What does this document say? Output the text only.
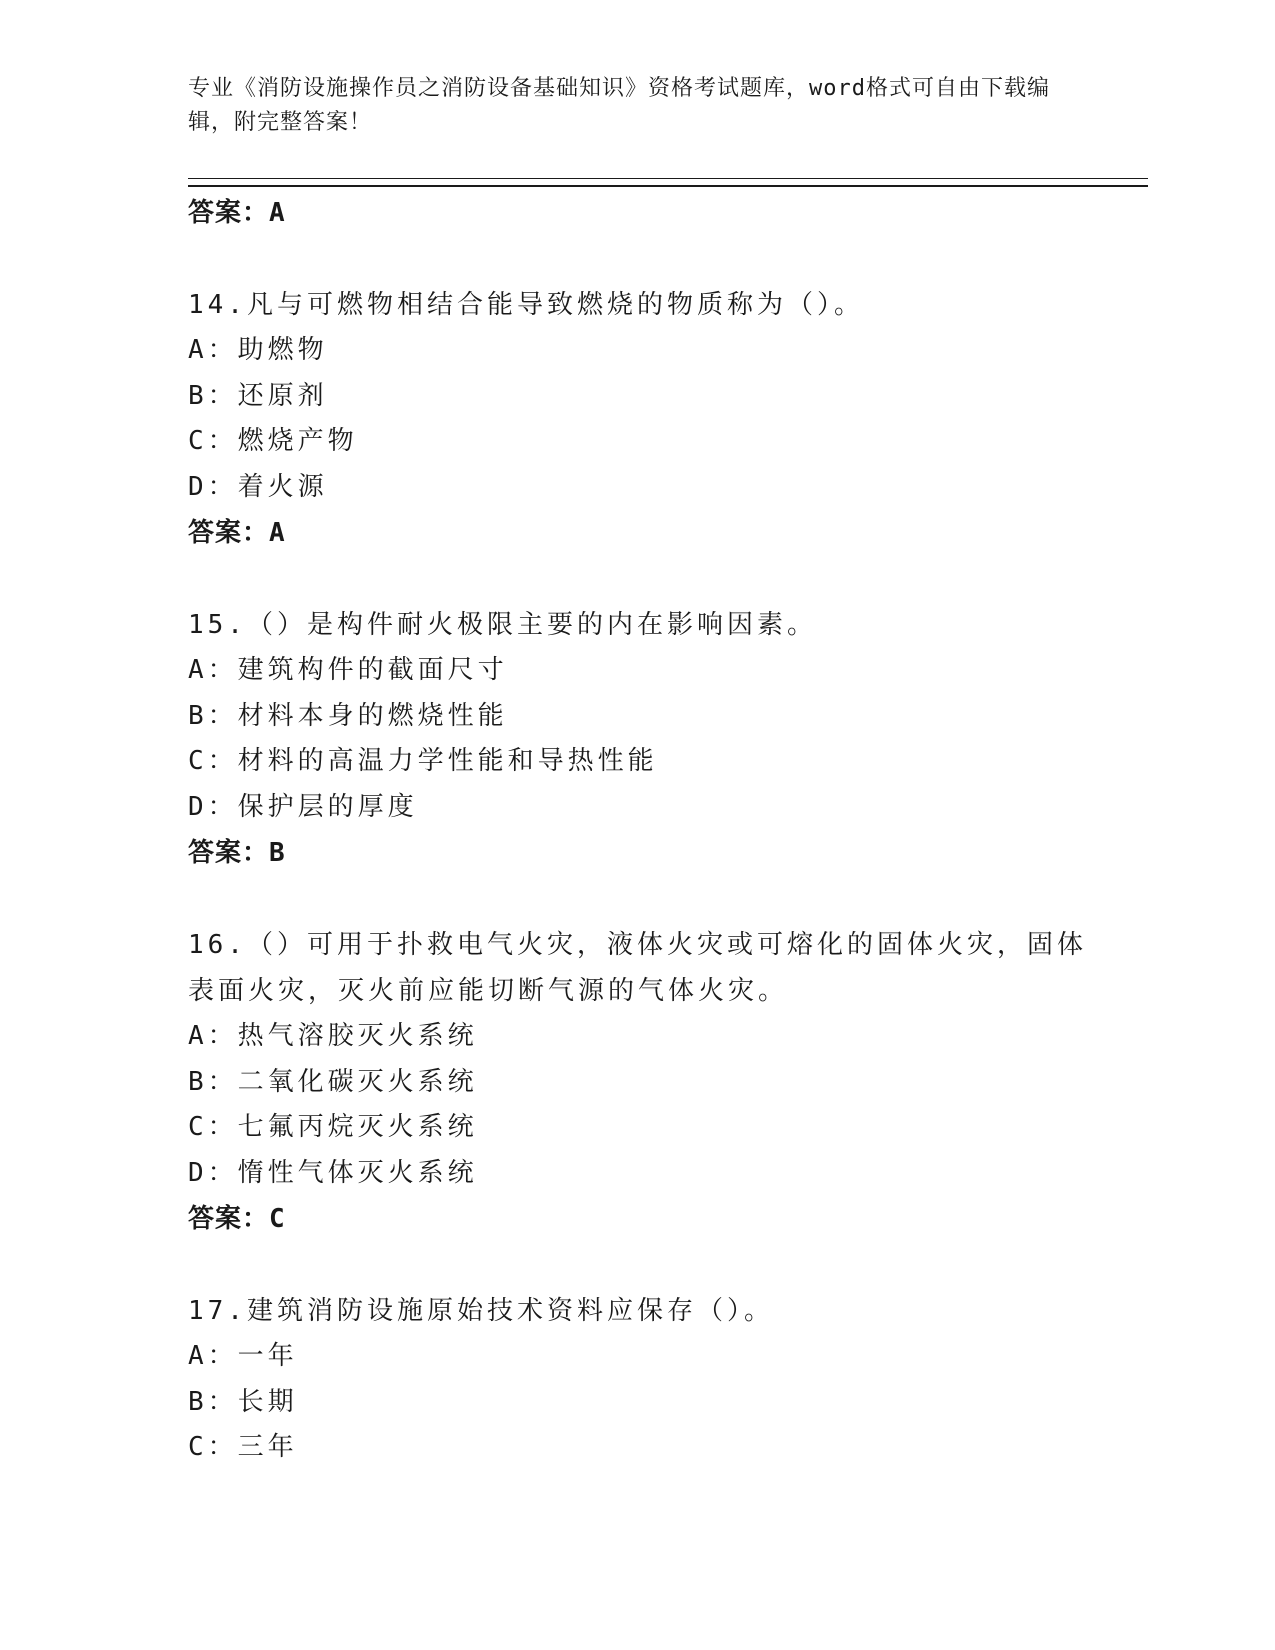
专业《消防设施操作员之消防设备基础知识》资格考试题库，word格式可自由下载编辑，附完整答案！
答案：A

14.凡与可燃物相结合能导致燃烧的物质称为（）。

A：助燃物

B：还原剂

C：燃烧产物

D：着火源

答案：A

15.（）是构件耐火极限主要的内在影响因素。

A：建筑构件的截面尺寸

B：材料本身的燃烧性能

C：材料的高温力学性能和导热性能

D：保护层的厚度

答案：B

16.（）可用于扑救电气火灾，液体火灾或可熔化的固体火灾，固体表面火灾，灭火前应能切断气源的气体火灾。

A：热气溶胶灭火系统

B：二氧化碳灭火系统

C：七氟丙烷灭火系统

D：惰性气体灭火系统

答案：C

17.建筑消防设施原始技术资料应保存（）。

A：一年

B：长期

C：三年
